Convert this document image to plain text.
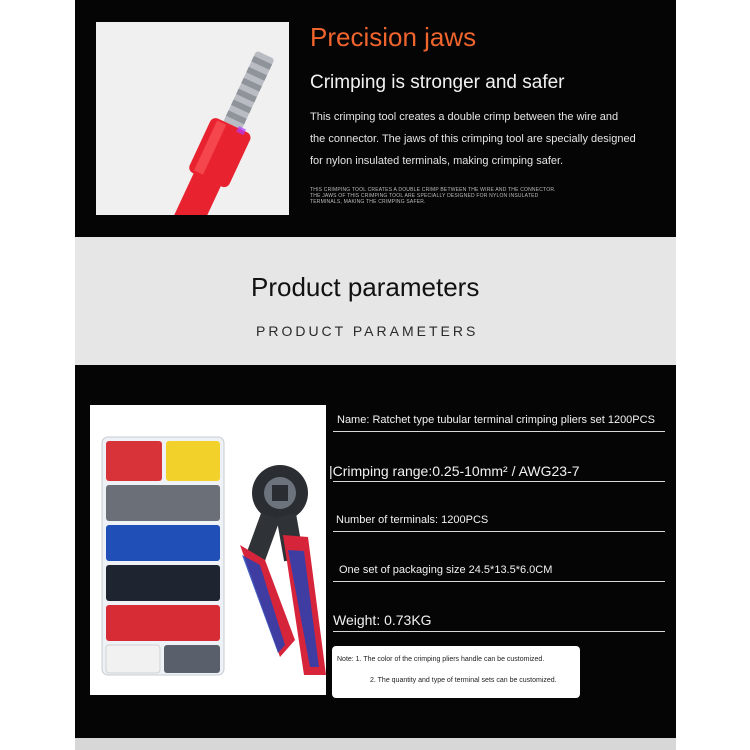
Precision jaws
Crimping is stronger and safer
This crimping tool creates a double crimp between the wire and
the connector. The jaws of this crimping tool are specially designed
for nylon insulated terminals, making crimping safer.
THIS CRIMPING TOOL CREATES A DOUBLE CRIMP BETWEEN THE WIRE AND THE CONNECTOR.
THE JAWS OF THIS CRIMPING TOOL ARE SPECIALLY DESIGNED FOR NYLON INSULATED
TERMINALS, MAKING THE CRIMPING SAFER.
Product parameters
PRODUCT PARAMETERS
Name: Ratchet type tubular terminal crimping pliers set 1200PCS
|Crimping range:0.25-10mm² / AWG23-7
Number of terminals: 1200PCS
One set of packaging size 24.5*13.5*6.0CM
Weight: 0.73KG
Note: 1. The color of the crimping pliers handle can be customized.
2. The quantity and type of terminal sets can be customized.
